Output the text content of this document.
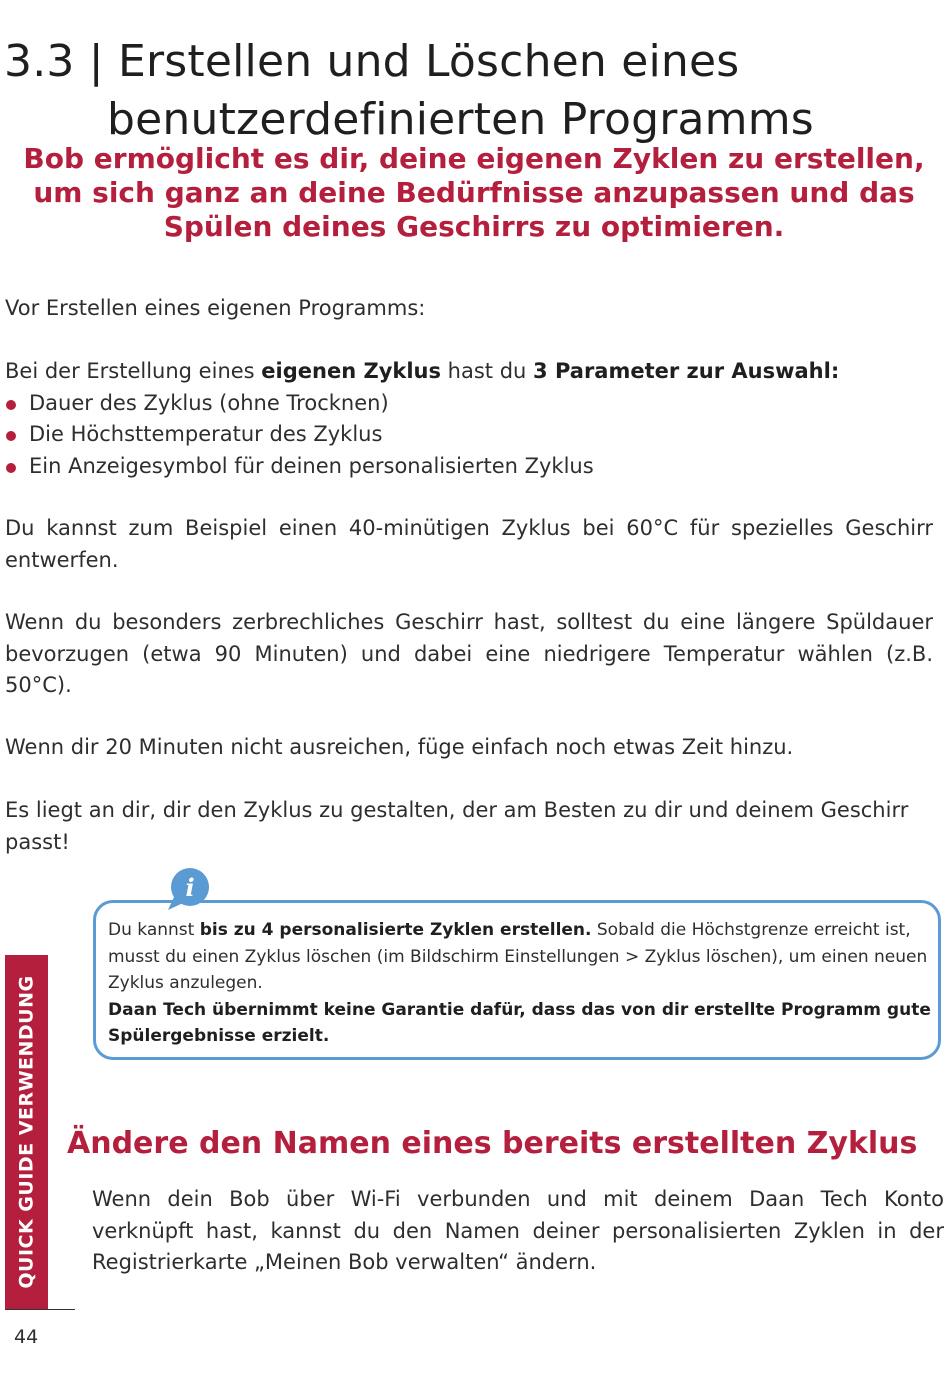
3.3 | Erstellen und Löschen eines
benutzerdefinierten Programms
Bob ermöglicht es dir, deine eigenen Zyklen zu erstellen, um sich ganz an deine Bedürfnisse anzupassen und das Spülen deines Geschirrs zu optimieren.
Vor Erstellen eines eigenen Programms:
Bei der Erstellung eines eigenen Zyklus hast du 3 Parameter zur Auswahl:
Dauer des Zyklus (ohne Trocknen)
Die Höchsttemperatur des Zyklus
Ein Anzeigesymbol für deinen personalisierten Zyklus
Du kannst zum Beispiel einen 40-minütigen Zyklus bei 60°C für spezielles Geschirr entwerfen.
Wenn du besonders zerbrechliches Geschirr hast, solltest du eine längere Spüldauer bevorzugen (etwa 90 Minuten) und dabei eine niedrigere Temperatur wählen (z.B. 50°C).
Wenn dir 20 Minuten nicht ausreichen, füge einfach noch etwas Zeit hinzu.
Es liegt an dir, dir den Zyklus zu gestalten, der am Besten zu dir und deinem Geschirr passt!
i
Du kannst bis zu 4 personalisierte Zyklen erstellen. Sobald die Höchstgrenze erreicht ist, musst du einen Zyklus löschen (im Bildschirm Einstellungen > Zyklus löschen), um einen neuen Zyklus anzulegen.
Daan Tech übernimmt keine Garantie dafür, dass das von dir erstellte Programm gute Spülergebnisse erzielt.
QUICK GUIDE VERWENDUNG
44
Ändere den Namen eines bereits erstellten Zyklus
Wenn dein Bob über Wi-Fi verbunden und mit deinem Daan Tech Konto verknüpft hast, kannst du den Namen deiner personalisierten Zyklen in der Registrierkarte „Meinen Bob verwalten“ ändern.
